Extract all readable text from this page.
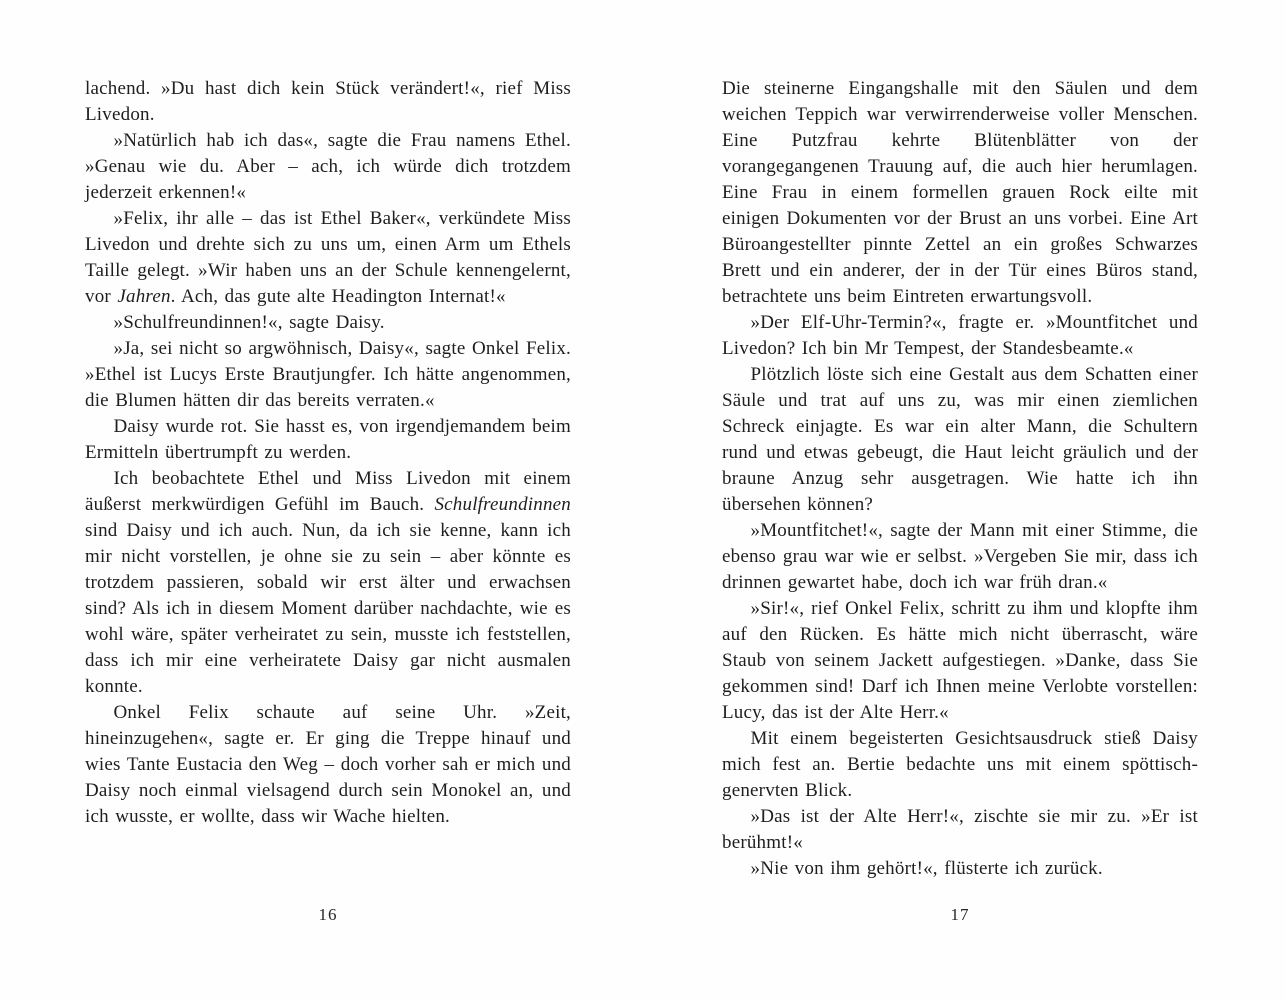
lachend. »Du hast dich kein Stück verändert!«, rief Miss Livedon.

»Natürlich hab ich das«, sagte die Frau namens Ethel. »Genau wie du. Aber – ach, ich würde dich trotzdem jederzeit erkennen!«

»Felix, ihr alle – das ist Ethel Baker«, verkündete Miss Livedon und drehte sich zu uns um, einen Arm um Ethels Taille gelegt. »Wir haben uns an der Schule kennengelernt, vor Jahren. Ach, das gute alte Headington Internat!«

»Schulfreundinnen!«, sagte Daisy.

»Ja, sei nicht so argwöhnisch, Daisy«, sagte Onkel Felix. »Ethel ist Lucys Erste Brautjungfer. Ich hätte angenommen, die Blumen hätten dir das bereits verraten.«

Daisy wurde rot. Sie hasst es, von irgendjemandem beim Ermitteln übertrumpft zu werden.

Ich beobachtete Ethel und Miss Livedon mit einem äußerst merkwürdigen Gefühl im Bauch. Schulfreundinnen sind Daisy und ich auch. Nun, da ich sie kenne, kann ich mir nicht vorstellen, je ohne sie zu sein – aber könnte es trotzdem passieren, sobald wir erst älter und erwachsen sind? Als ich in diesem Moment darüber nachdachte, wie es wohl wäre, später verheiratet zu sein, musste ich feststellen, dass ich mir eine verheiratete Daisy gar nicht ausmalen konnte.

Onkel Felix schaute auf seine Uhr. »Zeit, hineinzugehen«, sagte er. Er ging die Treppe hinauf und wies Tante Eustacia den Weg – doch vorher sah er mich und Daisy noch einmal vielsagend durch sein Monokel an, und ich wusste, er wollte, dass wir Wache hielten.

Die steinerne Eingangshalle mit den Säulen und dem weichen Teppich war verwirrenderweise voller Menschen. Eine Putzfrau kehrte Blütenblätter von der vorangegangenen Trauung auf, die auch hier herumlagen. Eine Frau in einem formellen grauen Rock eilte mit einigen Dokumenten vor der Brust an uns vorbei. Eine Art Büroangestellter pinnte Zettel an ein großes Schwarzes Brett und ein anderer, der in der Tür eines Büros stand, betrachtete uns beim Eintreten erwartungsvoll.

»Der Elf-Uhr-Termin?«, fragte er. »Mountfitchet und Livedon? Ich bin Mr Tempest, der Standesbeamte.«

Plötzlich löste sich eine Gestalt aus dem Schatten einer Säule und trat auf uns zu, was mir einen ziemlichen Schreck einjagte. Es war ein alter Mann, die Schultern rund und etwas gebeugt, die Haut leicht gräulich und der braune Anzug sehr ausgetragen. Wie hatte ich ihn übersehen können?

»Mountfitchet!«, sagte der Mann mit einer Stimme, die ebenso grau war wie er selbst. »Vergeben Sie mir, dass ich drinnen gewartet habe, doch ich war früh dran.«

»Sir!«, rief Onkel Felix, schritt zu ihm und klopfte ihm auf den Rücken. Es hätte mich nicht überrascht, wäre Staub von seinem Jackett aufgestiegen. »Danke, dass Sie gekommen sind! Darf ich Ihnen meine Verlobte vorstellen: Lucy, das ist der Alte Herr.«

Mit einem begeisterten Gesichtsausdruck stieß Daisy mich fest an. Bertie bedachte uns mit einem spöttisch-genervten Blick.

»Das ist der Alte Herr!«, zischte sie mir zu. »Er ist berühmt!«

»Nie von ihm gehört!«, flüsterte ich zurück.

16	17
